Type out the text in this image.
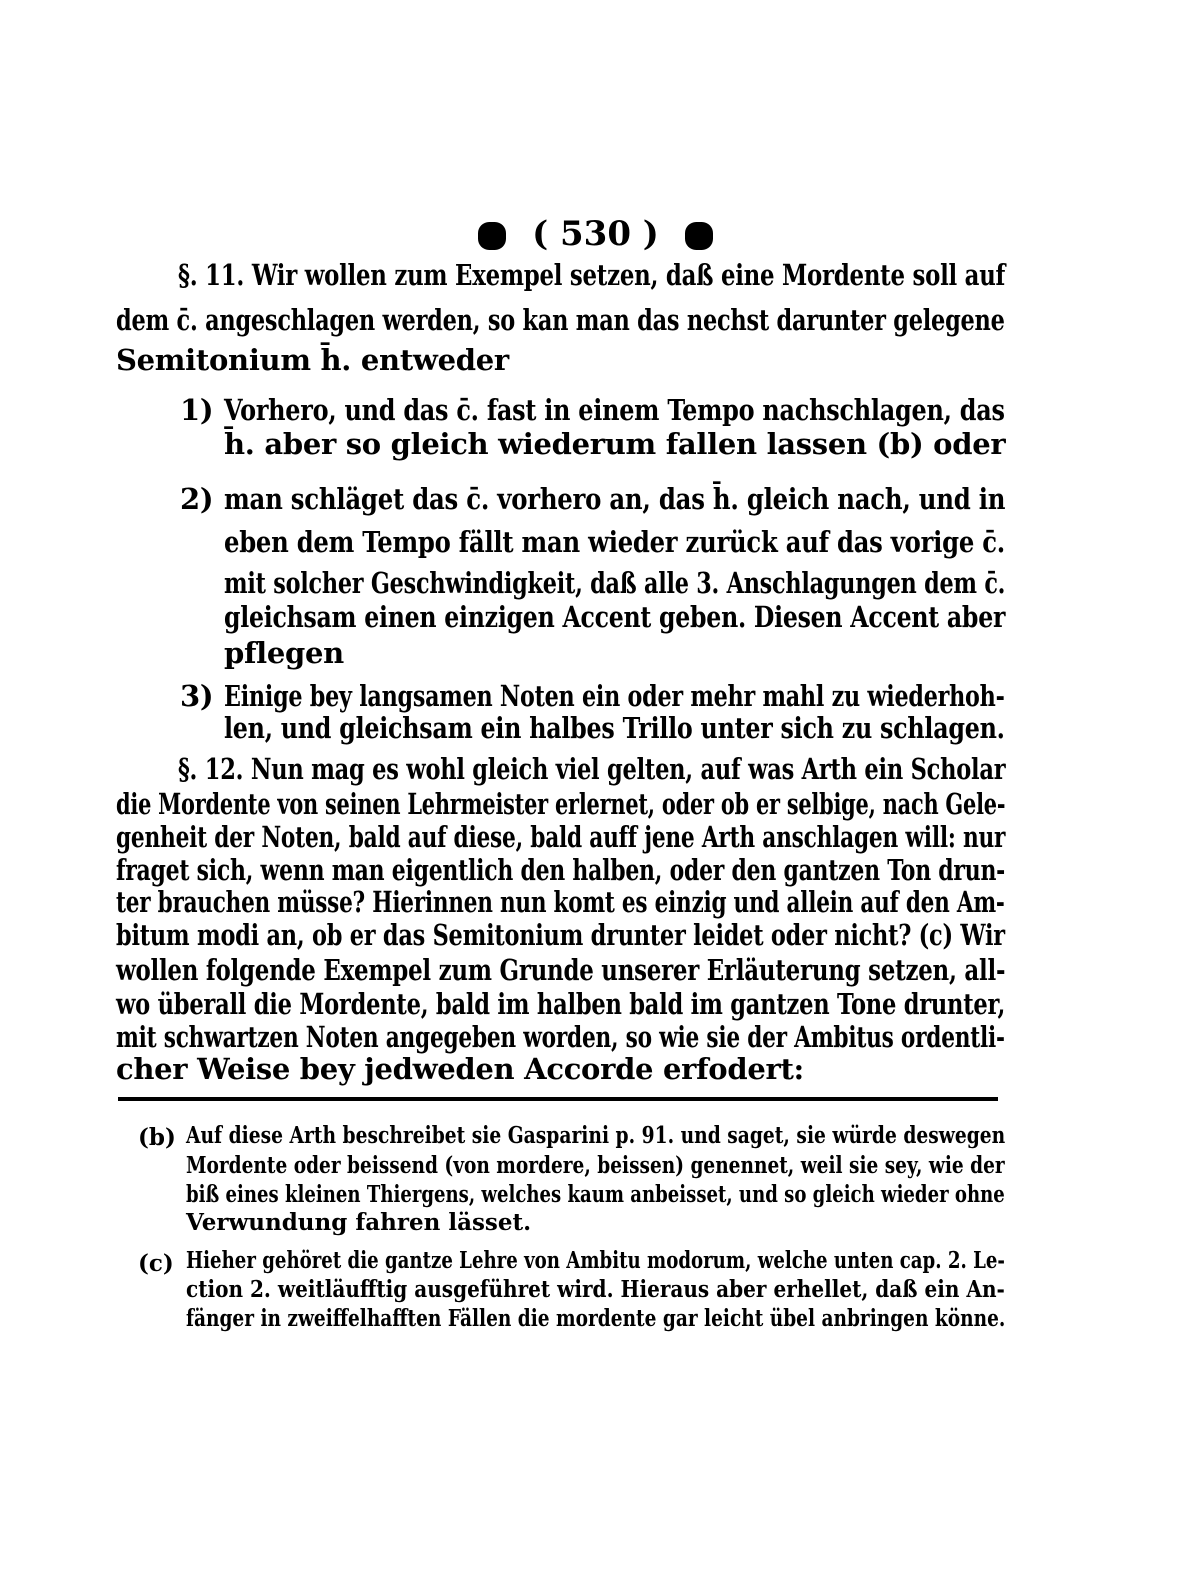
( 530 )
§. 11. Wir wollen zum Exempel setzen, daß eine Mordente soll auf
dem c̄. angeschlagen werden, so kan man das nechst darunter gelegene
Semitonium h̄. entweder
1) Vorhero, und das c̄. fast in einem Tempo nachschlagen, das
h̄. aber so gleich wiederum fallen lassen (b) oder
2) man schläget das c̄. vorhero an, das h̄. gleich nach, und in
eben dem Tempo fällt man wieder zurück auf das vorige c̄.
mit solcher Geschwindigkeit, daß alle 3. Anschlagungen dem c̄.
gleichsam einen einzigen Accent geben. Diesen Accent aber
pflegen
3) Einige bey langsamen Noten ein oder mehr mahl zu wiederhoh-
len, und gleichsam ein halbes Trillo unter sich zu schlagen.
§. 12. Nun mag es wohl gleich viel gelten, auf was Arth ein Scholar
die Mordente von seinen Lehrmeister erlernet, oder ob er selbige, nach Gele-
genheit der Noten, bald auf diese, bald auff jene Arth anschlagen will: nur
fraget sich, wenn man eigentlich den halben, oder den gantzen Ton drun-
ter brauchen müsse? Hierinnen nun komt es einzig und allein auf den Am-
bitum modi an, ob er das Semitonium drunter leidet oder nicht? (c) Wir
wollen folgende Exempel zum Grunde unserer Erläuterung setzen, all-
wo überall die Mordente, bald im halben bald im gantzen Tone drunter,
mit schwartzen Noten angegeben worden, so wie sie der Ambitus ordentli-
cher Weise bey jedweden Accorde erfodert:
(b) Auf diese Arth beschreibet sie Gasparini p. 91. und saget, sie würde deswegen
Mordente oder beissend (von mordere, beissen) genennet, weil sie sey, wie der
biß eines kleinen Thiergens, welches kaum anbeisset, und so gleich wieder ohne
Verwundung fahren lässet.
(c) Hieher gehöret die gantze Lehre von Ambitu modorum, welche unten cap. 2. Le-
ction 2. weitläufftig ausgeführet wird. Hieraus aber erhellet, daß ein An-
fänger in zweiffelhafften Fällen die mordente gar leicht übel anbringen könne.
